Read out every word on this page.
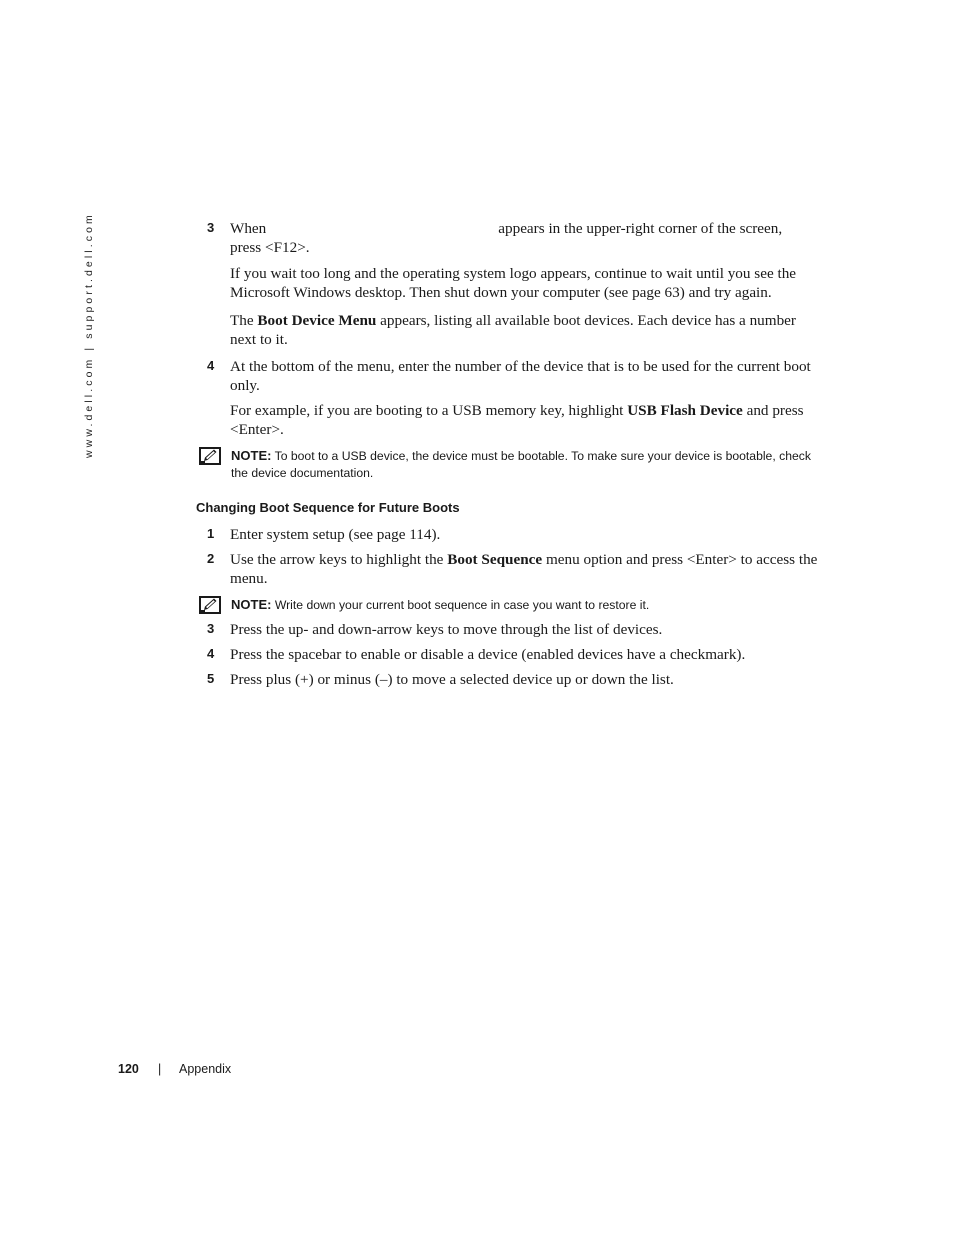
www.dell.com | support.dell.com	3 When	appears in the upper-right corner of the screen,
press <F12>.
If you wait too long and the operating system logo appears, continue to wait until you see the Microsoft Windows desktop. Then shut down your computer (see page 63) and try again.
The Boot Device Menu appears, listing all available boot devices. Each device has a number next to it.
4 At the bottom of the menu, enter the number of the device that is to be used for the current boot only.
For example, if you are booting to a USB memory key, highlight USB Flash Device and press <Enter>.
NOTE: To boot to a USB device, the device must be bootable. To make sure your device is bootable, check the device documentation.
Changing Boot Sequence for Future Boots
1 Enter system setup (see page 114).
2 Use the arrow keys to highlight the Boot Sequence menu option and press <Enter> to access the menu.
NOTE: Write down your current boot sequence in case you want to restore it.
3 Press the up- and down-arrow keys to move through the list of devices.
4 Press the spacebar to enable or disable a device (enabled devices have a checkmark).
5 Press plus (+) or minus (–) to move a selected device up or down the list.
120 | Appendix
